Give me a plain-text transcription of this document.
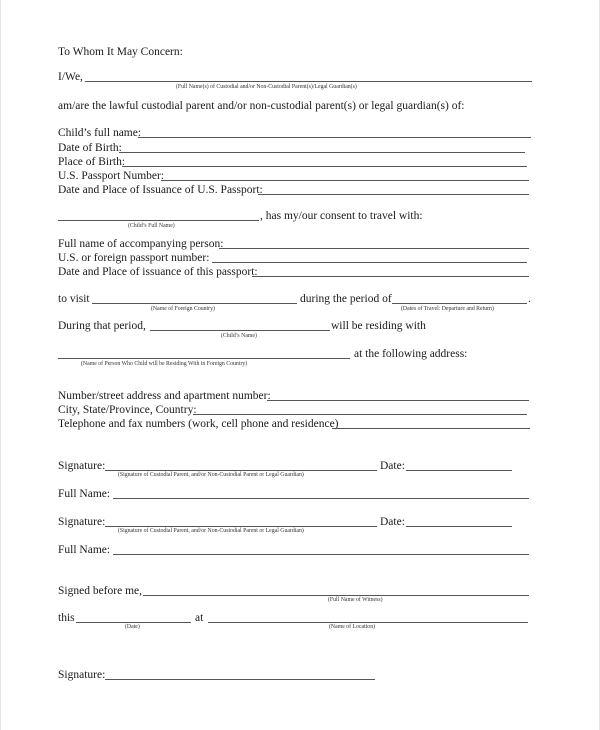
To Whom It May Concern:
I/We,
(Full Name(s) of Custodial and/or Non-Custodial Parent(s)/Legal Guardian(s)
am/are the lawful custodial parent and/or non-custodial parent(s) or legal guardian(s) of:
Child’s full name:
Date of Birth:
Place of Birth:
U.S. Passport Number:
Date and Place of Issuance of U.S. Passport:
, has my/our consent to travel with:
(Child’s Full Name)
Full name of accompanying person:
U.S. or foreign passport number:
Date and Place of issuance of this passport:
to visit
(Name of Foreign Country)
during the period of	.
(Dates of Travel: Departure and Return)
During that period,
(Child’s Name)
will be residing with
(Name of Person Who Child will be Residing With in Foreign Country)
at the following address:
Number/street address and apartment number:
City, State/Province, Country:
Telephone and fax numbers (work, cell phone and residence)
Signature:
(Signature of Custodial Parent, and/or Non-Custodial Parent or Legal Guardian)
Date:
Full Name:
Signature:
(Signature of Custodial Parent, and/or Non-Custodial Parent or Legal Guardian)
Date:
Full Name:
Signed before me,
(Full Name of Witness)
this
(Date)
at
(Name of Location)
Signature:
